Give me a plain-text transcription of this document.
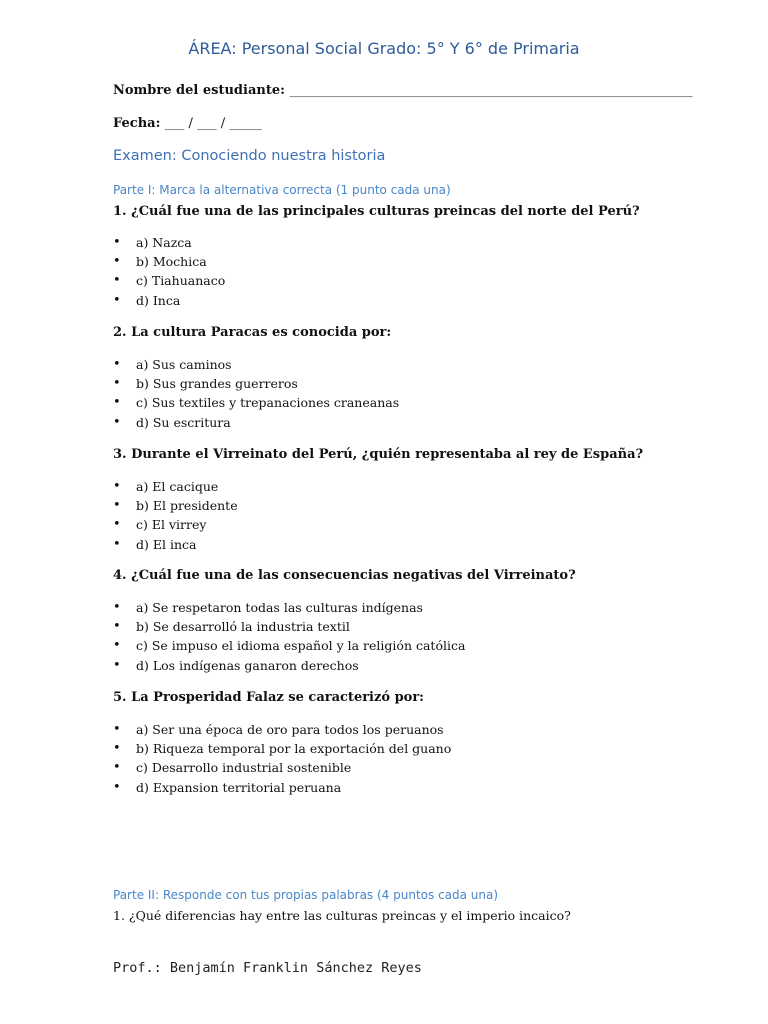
ÁREA: Personal Social Grado: 5° Y 6° de Primaria
Nombre del estudiante: ______________________________________________________________
Fecha: ___ / ___ / _____
Examen: Conociendo nuestra historia
Parte I: Marca la alternativa correcta (1 punto cada una)
1. ¿Cuál fue una de las principales culturas preincas del norte del Perú?
• a) Nazca
• b) Mochica
• c) Tiahuanaco
• d) Inca
2. La cultura Paracas es conocida por:
• a) Sus caminos
• b) Sus grandes guerreros
• c) Sus textiles y trepanaciones craneanas
• d) Su escritura
3. Durante el Virreinato del Perú, ¿quién representaba al rey de España?
• a) El cacique
• b) El presidente
• c) El virrey
• d) El inca
4. ¿Cuál fue una de las consecuencias negativas del Virreinato?
• a) Se respetaron todas las culturas indígenas
• b) Se desarrolló la industria textil
• c) Se impuso el idioma español y la religión católica
• d) Los indígenas ganaron derechos
5. La Prosperidad Falaz se caracterizó por:
• a) Ser una época de oro para todos los peruanos
• b) Riqueza temporal por la exportación del guano
• c) Desarrollo industrial sostenible
• d) Expansion territorial peruana
Parte II: Responde con tus propias palabras (4 puntos cada una)
1. ¿Qué diferencias hay entre las culturas preincas y el imperio incaico?
Prof.: Benjamín Franklin Sánchez Reyes
